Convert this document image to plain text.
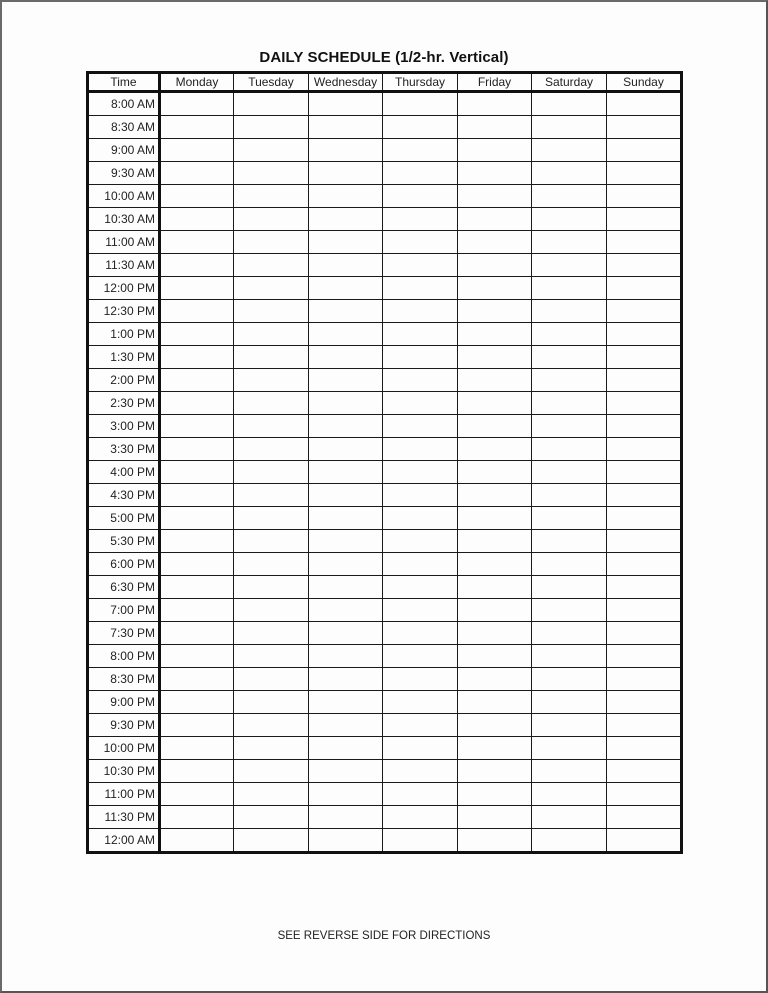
DAILY SCHEDULE (1/2-hr. Vertical)
Time	Monday	Tuesday	Wednesday	Thursday	Friday	Saturday	Sunday
8:00 AM							
8:30 AM							
9:00 AM							
9:30 AM							
10:00 AM							
10:30 AM							
11:00 AM							
11:30 AM							
12:00 PM							
12:30 PM							
1:00 PM							
1:30 PM							
2:00 PM							
2:30 PM							
3:00 PM							
3:30 PM							
4:00 PM							
4:30 PM							
5:00 PM							
5:30 PM							
6:00 PM							
6:30 PM							
7:00 PM							
7:30 PM							
8:00 PM							
8:30 PM							
9:00 PM							
9:30 PM							
10:00 PM							
10:30 PM							
11:00 PM							
11:30 PM							
12:00 AM							
SEE REVERSE SIDE FOR DIRECTIONS
